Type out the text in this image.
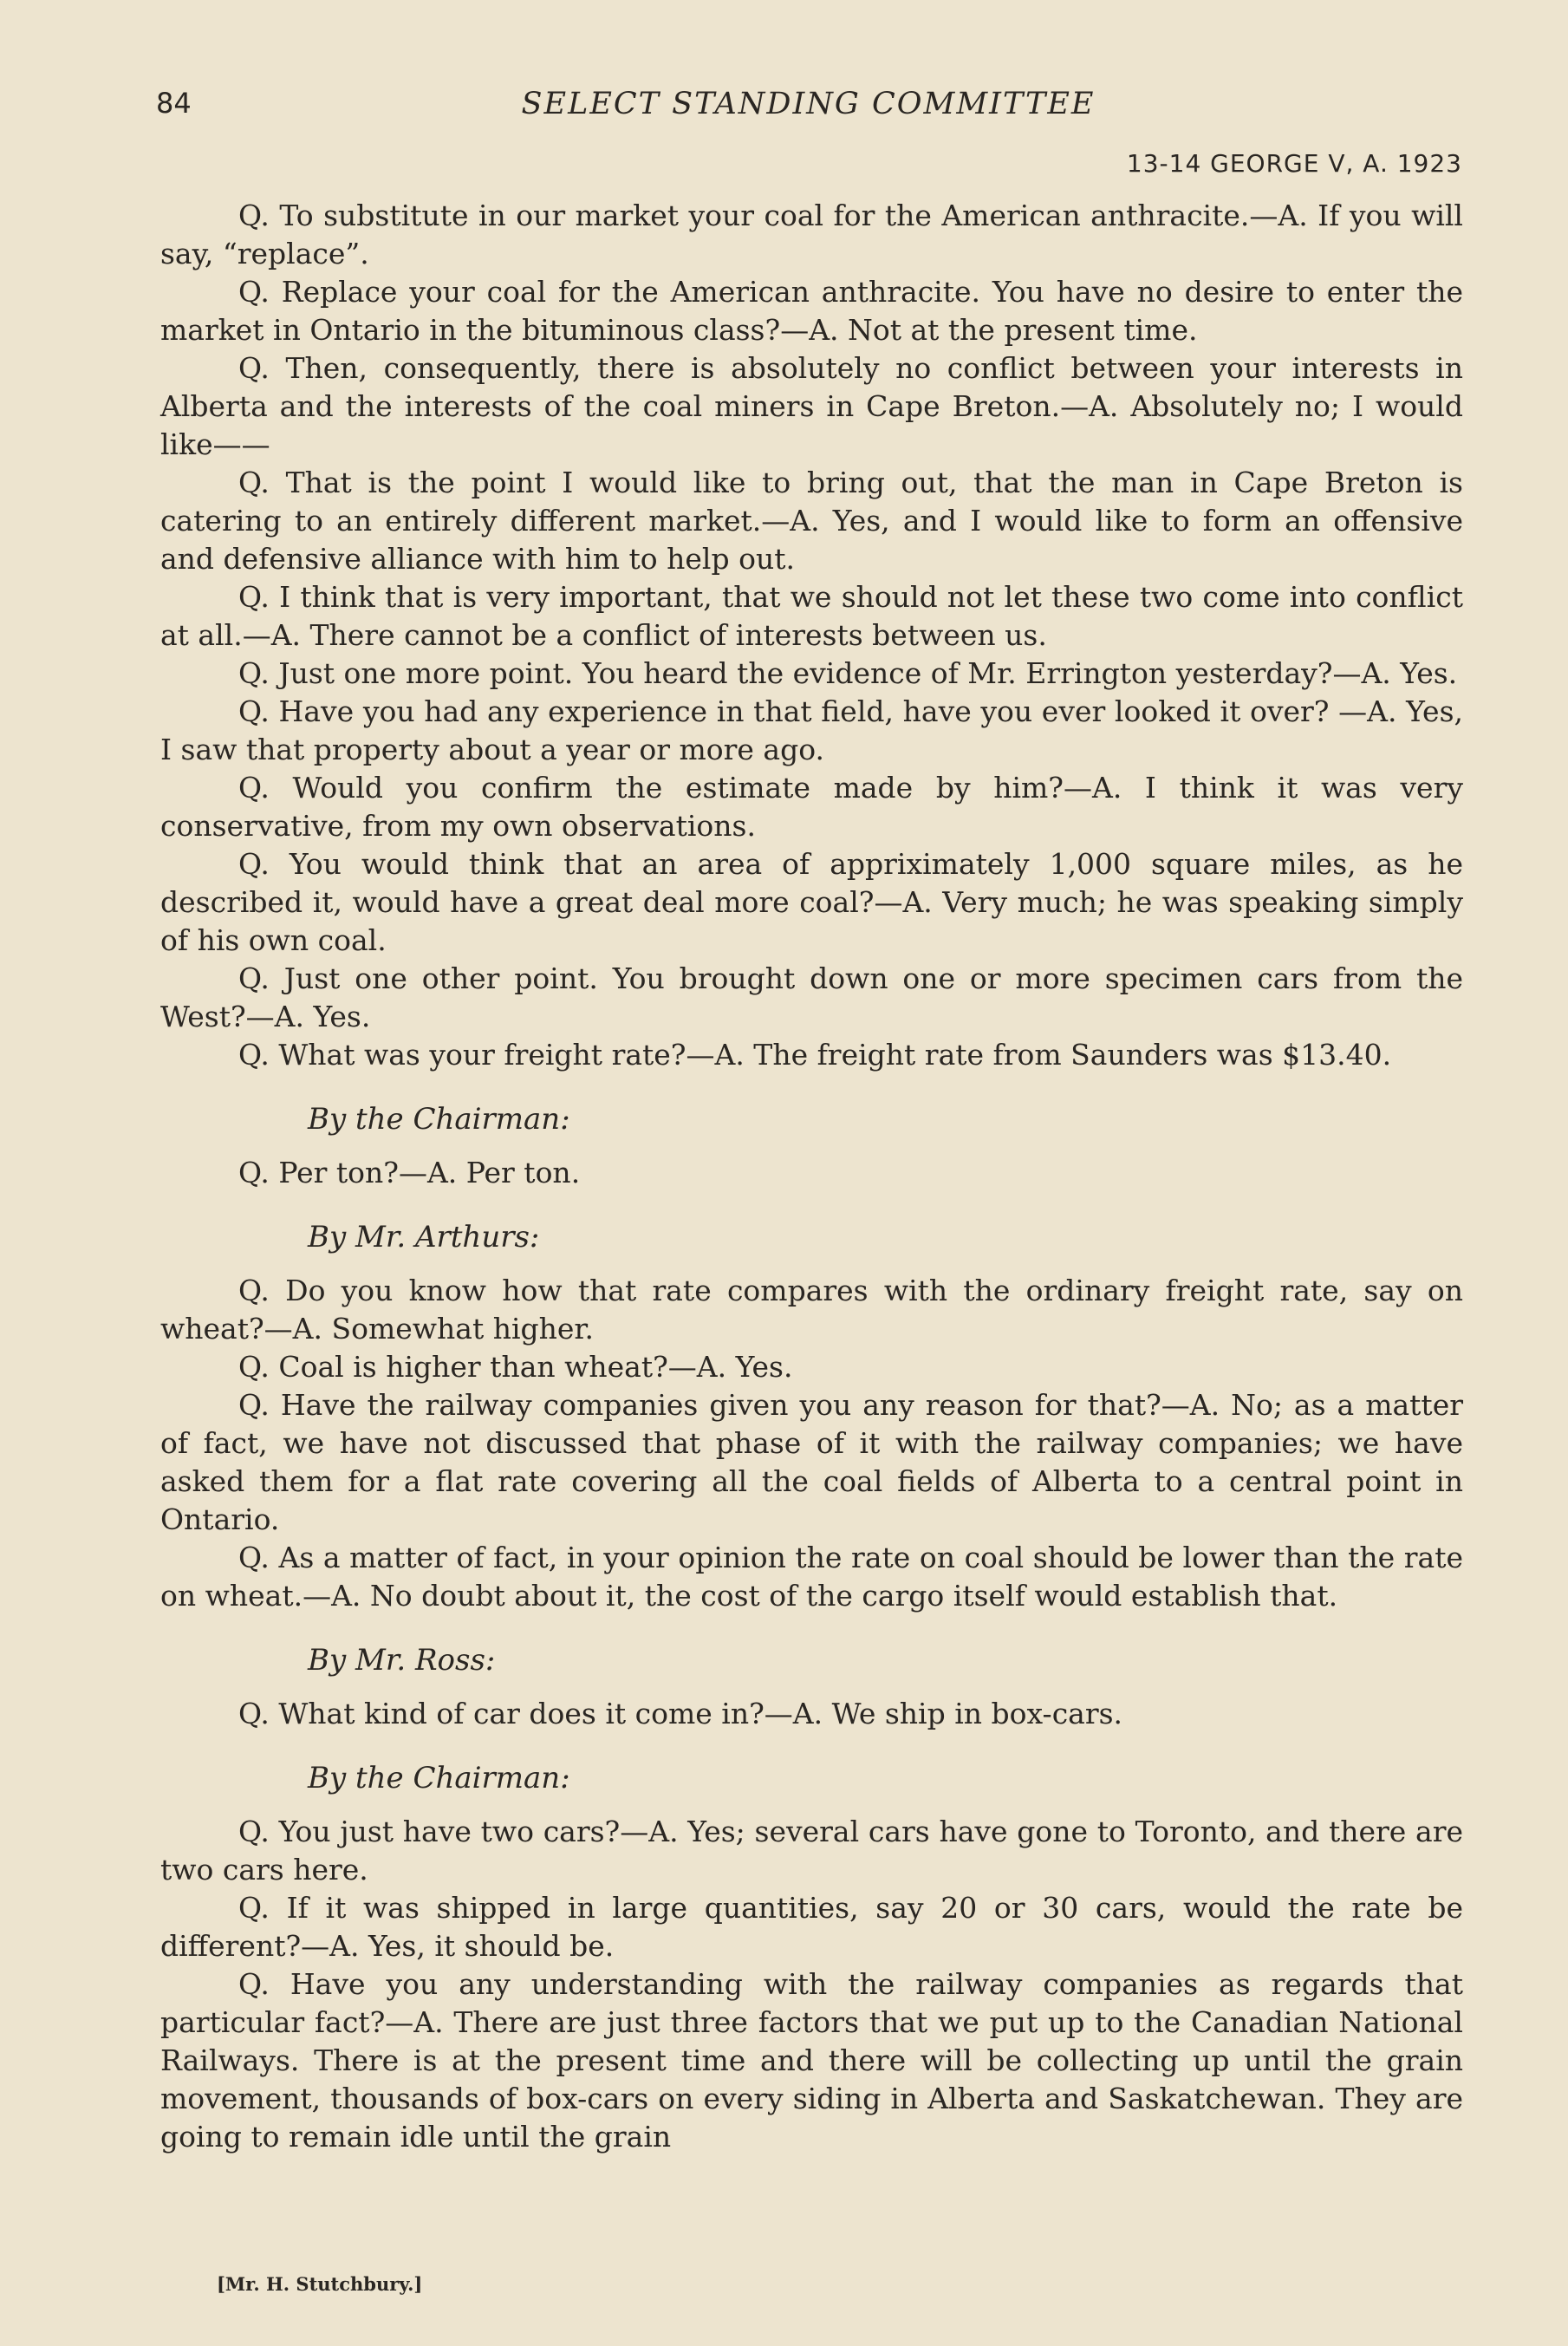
SELECT STANDING COMMITTEE
84
13-14 GEORGE V, A. 1923

Q. To substitute in our market your coal for the American anthracite.—A. If you will say, “replace”.

Q. Replace your coal for the American anthracite. You have no desire to enter the market in Ontario in the bituminous class?—A. Not at the present time.

Q. Then, consequently, there is absolutely no conflict between your interests in Alberta and the interests of the coal miners in Cape Breton.—A. Absolutely no; I would like——

Q. That is the point I would like to bring out, that the man in Cape Breton is catering to an entirely different market.—A. Yes, and I would like to form an offensive and defensive alliance with him to help out.

Q. I think that is very important, that we should not let these two come into conflict at all.—A. There cannot be a conflict of interests between us.

Q. Just one more point. You heard the evidence of Mr. Errington yesterday?—A. Yes.

Q. Have you had any experience in that field, have you ever looked it over? —A. Yes, I saw that property about a year or more ago.

Q. Would you confirm the estimate made by him?—A. I think it was very conservative, from my own observations.

Q. You would think that an area of appriximately 1,000 square miles, as he described it, would have a great deal more coal?—A. Very much; he was speaking simply of his own coal.

Q. Just one other point. You brought down one or more specimen cars from the West?—A. Yes.

Q. What was your freight rate?—A. The freight rate from Saunders was $13.40.

By the Chairman:

Q. Per ton?—A. Per ton.

By Mr. Arthurs:

Q. Do you know how that rate compares with the ordinary freight rate, say on wheat?—A. Somewhat higher.

Q. Coal is higher than wheat?—A. Yes.

Q. Have the railway companies given you any reason for that?—A. No; as a matter of fact, we have not discussed that phase of it with the railway companies; we have asked them for a flat rate covering all the coal fields of Alberta to a central point in Ontario.

Q. As a matter of fact, in your opinion the rate on coal should be lower than the rate on wheat.—A. No doubt about it, the cost of the cargo itself would establish that.

By Mr. Ross:

Q. What kind of car does it come in?—A. We ship in box-cars.

By the Chairman:

Q. You just have two cars?—A. Yes; several cars have gone to Toronto, and there are two cars here.

Q. If it was shipped in large quantities, say 20 or 30 cars, would the rate be different?—A. Yes, it should be.

Q. Have you any understanding with the railway companies as regards that particular fact?—A. There are just three factors that we put up to the Canadian National Railways. There is at the present time and there will be collecting up until the grain movement, thousands of box-cars on every siding in Alberta and Saskatchewan. They are going to remain idle until the grain

[Mr. H. Stutchbury.]
